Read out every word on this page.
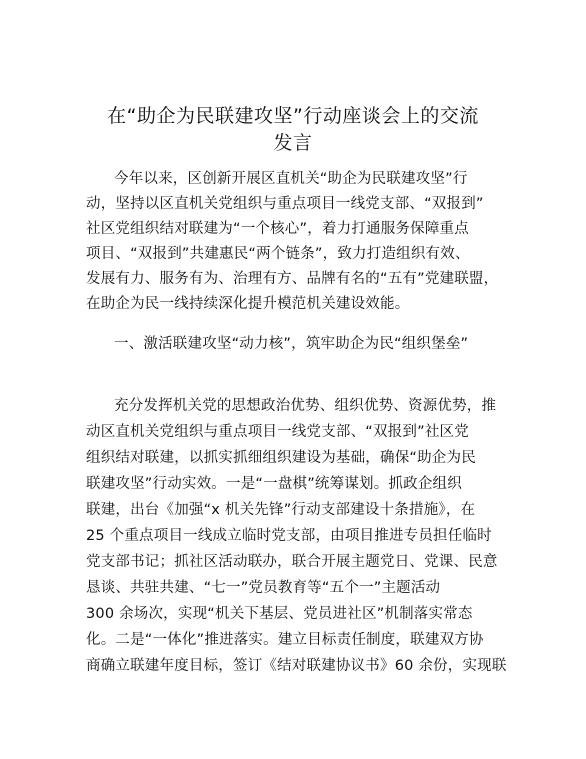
在“助企为民联建攻坚”行动座谈会上的交流
发言
今年以来，区创新开展区直机关“助企为民联建攻坚”行
动，坚持以区直机关党组织与重点项目一线党支部、“双报到”
社区党组织结对联建为“一个核心”，着力打通服务保障重点
项目、“双报到”共建惠民“两个链条”，致力打造组织有效、
发展有力、服务有为、治理有方、品牌有名的“五有”党建联盟，
在助企为民一线持续深化提升模范机关建设效能。
一、激活联建攻坚“动力核”，筑牢助企为民“组织堡垒”
充分发挥机关党的思想政治优势、组织优势、资源优势，推
动区直机关党组织与重点项目一线党支部、“双报到”社区党
组织结对联建，以抓实抓细组织建设为基础，确保“助企为民
联建攻坚”行动实效。一是“一盘棋”统筹谋划。抓政企组织
联建，出台《加强“x 机关先锋”行动支部建设十条措施》，在
25 个重点项目一线成立临时党支部，由项目推进专员担任临时
党支部书记；抓社区活动联办，联合开展主题党日、党课、民意
恳谈、共驻共建、“七一”党员教育等“五个一”主题活动
300 余场次，实现“机关下基层、党员进社区”机制落实常态
化。二是“一体化”推进落实。建立目标责任制度，联建双方协
商确立联建年度目标，签订《结对联建协议书》60 余份，实现联
